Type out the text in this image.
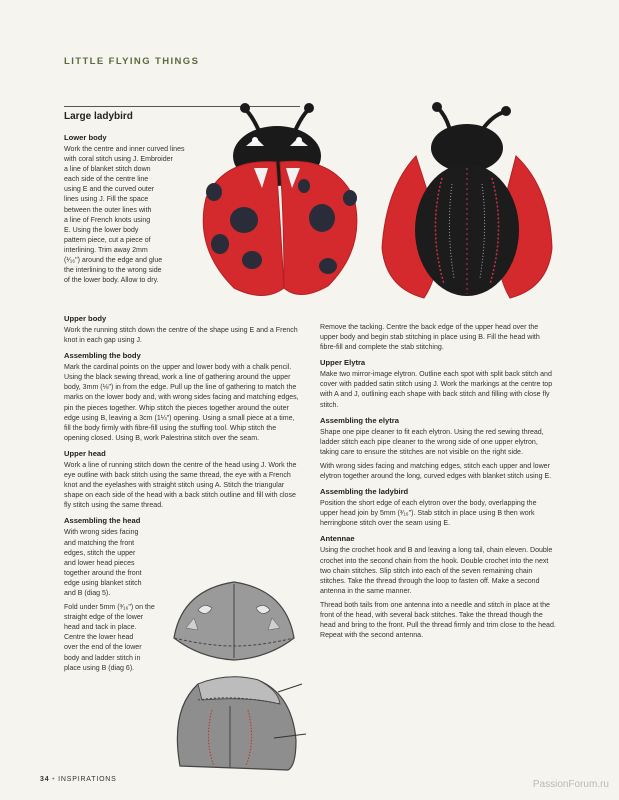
LITTLE FLYING THINGS
Large ladybird
Lower body
Work the centre and inner curved lines
with coral stitch using J. Embroider
a line of blanket stitch down
each side of the centre line
using E and the curved outer
lines using J. Fill the space
between the outer lines with
a line of French knots using
E. Using the lower body
pattern piece, cut a piece of
interlining. Trim away 2mm
(¹⁄₁₆") around the edge and glue
the interlining to the wrong side
of the lower body. Allow to dry.
Upper body
Work the running stitch down the centre of the shape using E and a French knot in each gap using J.
Assembling the body
Mark the cardinal points on the upper and lower body with a chalk pencil. Using the black sewing thread, work a line of gathering around the upper body, 3mm (⅛") in from the edge. Pull up the line of gathering to match the marks on the lower body and, with wrong sides facing and matching edges, pin the pieces together. Whip stitch the pieces together around the outer edge using B, leaving a 3cm (1¼") opening. Using a small piece at a time, fill the body firmly with fibre-fill using the stuffing tool. Whip stitch the opening closed. Using B, work Palestrina stitch over the seam.
Upper head
Work a line of running stitch down the centre of the head using J. Work the eye outline with back stitch using the same thread, the eye with a French knot and the eyelashes with straight stitch using A. Stitch the triangular shape on each side of the head with a back stitch outline and fill with close fly stitch using the same thread.
Assembling the head
With wrong sides facing
and matching the front
edges, stitch the upper
and lower head pieces
together around the front
edge using blanket stitch
and B (diag 5).
Fold under 5mm (³⁄₁₆") on the
straight edge of the lower
head and tack in place.
Centre the lower head
over the end of the lower
body and ladder stitch in
place using B (diag 6).
Remove the tacking. Centre the back edge of the upper head over the upper body and begin stab stitching in place using B. Fill the head with fibre-fill and complete the stab stitching.
Upper Elytra
Make two mirror-image elytron. Outline each spot with split back stitch and cover with padded satin stitch using J. Work the markings at the centre top with A and J, outlining each shape with back stitch and filling with close fly stitch.
Assembling the elytra
Shape one pipe cleaner to fit each elytron. Using the red sewing thread, ladder stitch each pipe cleaner to the wrong side of one upper elytron, taking care to ensure the stitches are not visible on the right side.
With wrong sides facing and matching edges, stitch each upper and lower elytron together around the long, curved edges with blanket stitch using E.
Assembling the ladybird
Position the short edge of each elytron over the body, overlapping the upper head join by 5mm (³⁄₁₆"). Stab stitch in place using B then work herringbone stitch over the seam using E.
Antennae
Using the crochet hook and B and leaving a long tail, chain eleven. Double crochet into the second chain from the hook. Double crochet into the next two chain stitches. Slip stitch into each of the seven remaining chain stitches. Take the thread through the loop to fasten off. Make a second antenna in the same manner.
Thread both tails from one antenna into a needle and stitch in place at the front of the head, with several back stitches. Take the thread though the head and bring to the front. Pull the thread firmly and trim close to the head. Repeat with the second antenna.
34 • INSPIRATIONS	PassionForum.ru
